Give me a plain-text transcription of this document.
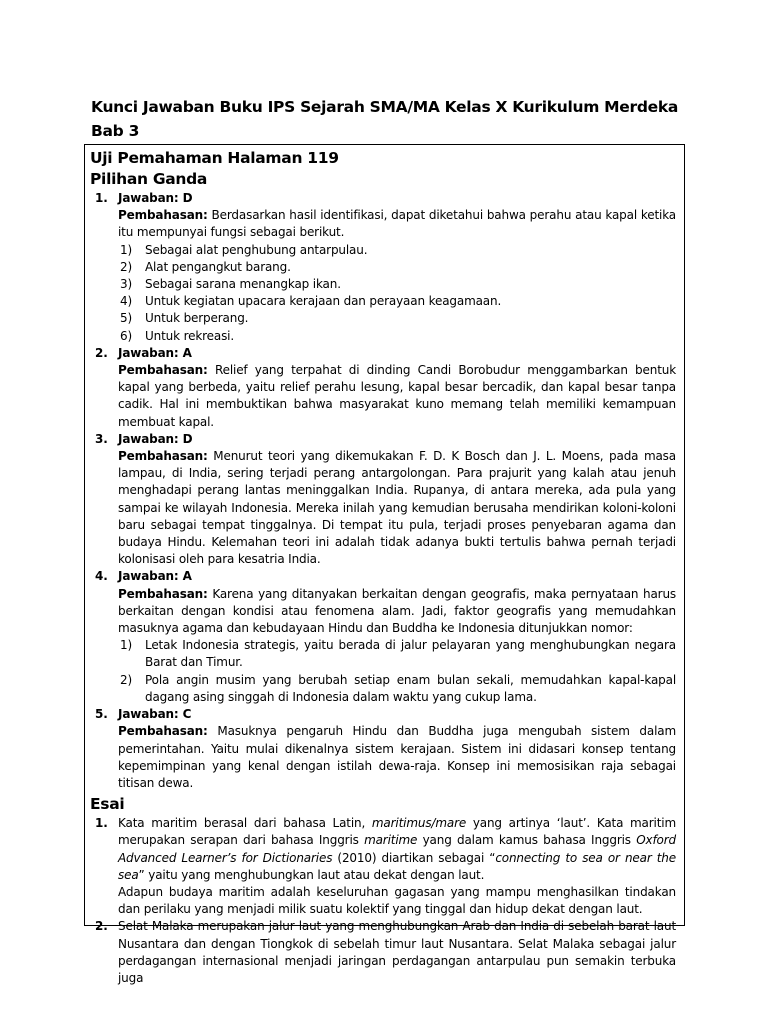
Kunci Jawaban Buku IPS Sejarah SMA/MA Kelas X Kurikulum Merdeka
Bab 3
Uji Pemahaman Halaman 119
Pilihan Ganda
1. Jawaban: D

Pembahasan: Berdasarkan hasil identifikasi, dapat diketahui bahwa perahu atau kapal ketika itu mempunyai fungsi sebagai berikut.

1)	Sebagai alat penghubung antarpulau.
2)	Alat pengangkut barang.
3)	Sebagai sarana menangkap ikan.
4)	Untuk kegiatan upacara kerajaan dan perayaan keagamaan.
5)	Untuk berperang.
6)	Untuk rekreasi.
2. Jawaban: A

Pembahasan: Relief yang terpahat di dinding Candi Borobudur menggambarkan bentuk kapal yang berbeda, yaitu relief perahu lesung, kapal besar bercadik, dan kapal besar tanpa cadik. Hal ini membuktikan bahwa masyarakat kuno memang telah memiliki kemampuan membuat kapal.

3. Jawaban: D

Pembahasan: Menurut teori yang dikemukakan F. D. K Bosch dan J. L. Moens, pada masa lampau, di India, sering terjadi perang antargolongan. Para prajurit yang kalah atau jenuh menghadapi perang lantas meninggalkan India. Rupanya, di antara mereka, ada pula yang sampai ke wilayah Indonesia. Mereka inilah yang kemudian berusaha mendirikan koloni-koloni baru sebagai tempat tinggalnya. Di tempat itu pula, terjadi proses penyebaran agama dan budaya Hindu. Kelemahan teori ini adalah tidak adanya bukti tertulis bahwa pernah terjadi kolonisasi oleh para kesatria India.

4. Jawaban: A

Pembahasan: Karena yang ditanyakan berkaitan dengan geografis, maka pernyataan harus berkaitan dengan kondisi atau fenomena alam. Jadi, faktor geografis yang memudahkan masuknya agama dan kebudayaan Hindu dan Buddha ke Indonesia ditunjukkan nomor:

1)	Letak Indonesia strategis, yaitu berada di jalur pelayaran yang menghubungkan negara Barat dan Timur.
2)	Pola angin musim yang berubah setiap enam bulan sekali, memudahkan kapal-kapal dagang asing singgah di Indonesia dalam waktu yang cukup lama.
5. Jawaban: C

Pembahasan: Masuknya pengaruh Hindu dan Buddha juga mengubah sistem dalam pemerintahan. Yaitu mulai dikenalnya sistem kerajaan. Sistem ini didasari konsep tentang kepemimpinan yang kenal dengan istilah dewa-raja. Konsep ini memosisikan raja sebagai titisan dewa.

Esai
1. Kata maritim berasal dari bahasa Latin, maritimus/mare yang artinya ‘laut’. Kata maritim merupakan serapan dari bahasa Inggris maritime yang dalam kamus bahasa Inggris Oxford Advanced Learner’s for Dictionaries (2010) diartikan sebagai “connecting to sea or near the sea” yaitu yang menghubungkan laut atau dekat dengan laut.

Adapun budaya maritim adalah keseluruhan gagasan yang mampu menghasilkan tindakan dan perilaku yang menjadi milik suatu kolektif yang tinggal dan hidup dekat dengan laut.

2. Selat Malaka merupakan jalur laut yang menghubungkan Arab dan India di sebelah barat laut Nusantara dan dengan Tiongkok di sebelah timur laut Nusantara. Selat Malaka sebagai jalur perdagangan internasional menjadi jaringan perdagangan antarpulau pun semakin terbuka juga
